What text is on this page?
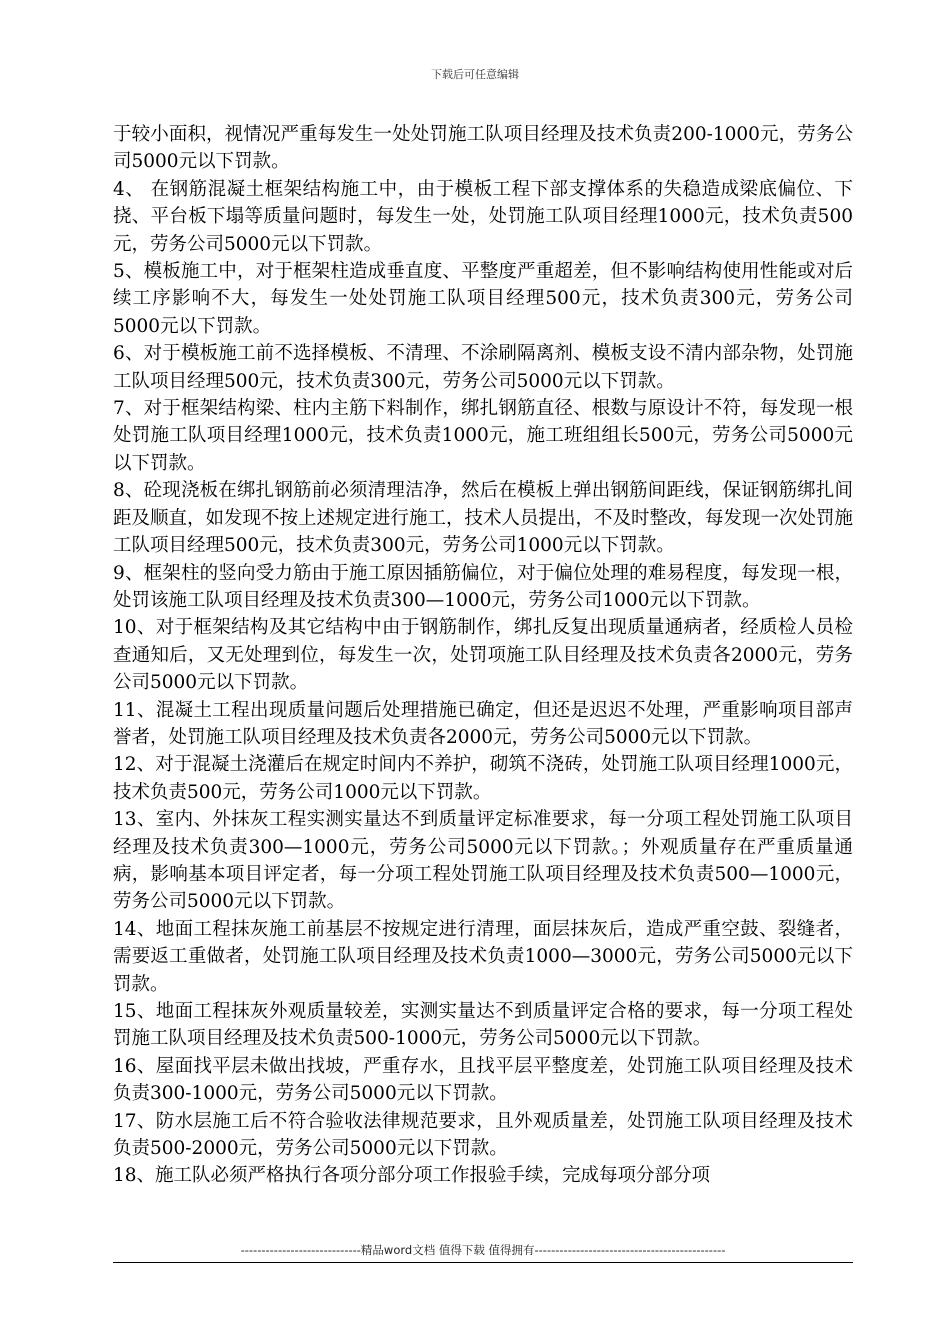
下载后可任意编辑

于较小面积，视情况严重每发生一处处罚施工队项目经理及技术负责200-1000元，劳务公司5000元以下罚款。

4、 在钢筋混凝土框架结构施工中，由于模板工程下部支撑体系的失稳造成梁底偏位、下挠、平台板下塌等质量问题时，每发生一处，处罚施工队项目经理1000元，技术负责500元，劳务公司5000元以下罚款。

5、模板施工中，对于框架柱造成垂直度、平整度严重超差，但不影响结构使用性能或对后续工序影响不大，每发生一处处罚施工队项目经理500元，技术负责300元，劳务公司5000元以下罚款。

6、对于模板施工前不选择模板、不清理、不涂刷隔离剂、模板支设不清内部杂物，处罚施工队项目经理500元，技术负责300元，劳务公司5000元以下罚款。

7、对于框架结构梁、柱内主筋下料制作，绑扎钢筋直径、根数与原设计不符，每发现一根处罚施工队项目经理1000元，技术负责1000元，施工班组组长500元，劳务公司5000元以下罚款。

8、砼现浇板在绑扎钢筋前必须清理洁净，然后在模板上弹出钢筋间距线，保证钢筋绑扎间距及顺直，如发现不按上述规定进行施工，技术人员提出，不及时整改，每发现一次处罚施工队项目经理500元，技术负责300元，劳务公司1000元以下罚款。

9、框架柱的竖向受力筋由于施工原因插筋偏位，对于偏位处理的难易程度，每发现一根，处罚该施工队项目经理及技术负责300—1000元，劳务公司1000元以下罚款。

10、对于框架结构及其它结构中由于钢筋制作，绑扎反复出现质量通病者，经质检人员检查通知后，又无处理到位，每发生一次，处罚项施工队目经理及技术负责各2000元，劳务公司5000元以下罚款。

11、混凝土工程出现质量问题后处理措施已确定，但还是迟迟不处理，严重影响项目部声誉者，处罚施工队项目经理及技术负责各2000元，劳务公司5000元以下罚款。

12、对于混凝土浇灌后在规定时间内不养护，砌筑不浇砖，处罚施工队项目经理1000元，技术负责500元，劳务公司1000元以下罚款。

13、室内、外抹灰工程实测实量达不到质量评定标准要求，每一分项工程处罚施工队项目经理及技术负责300—1000元，劳务公司5000元以下罚款。；外观质量存在严重质量通病，影响基本项目评定者，每一分项工程处罚施工队项目经理及技术负责500—1000元，劳务公司5000元以下罚款。

14、地面工程抹灰施工前基层不按规定进行清理，面层抹灰后，造成严重空鼓、裂缝者，需要返工重做者，处罚施工队项目经理及技术负责1000—3000元，劳务公司5000元以下罚款。

15、地面工程抹灰外观质量较差，实测实量达不到质量评定合格的要求，每一分项工程处罚施工队项目经理及技术负责500-1000元，劳务公司5000元以下罚款。

16、屋面找平层未做出找坡，严重存水，且找平层平整度差，处罚施工队项目经理及技术负责300-1000元，劳务公司5000元以下罚款。

17、防水层施工后不符合验收法律规范要求，且外观质量差，处罚施工队项目经理及技术负责500-2000元，劳务公司5000元以下罚款。

18、施工队必须严格执行各项分部分项工作报验手续，完成每项分部分项

-----------------------------精品word文档 值得下载 值得拥有----------------------------------------------
